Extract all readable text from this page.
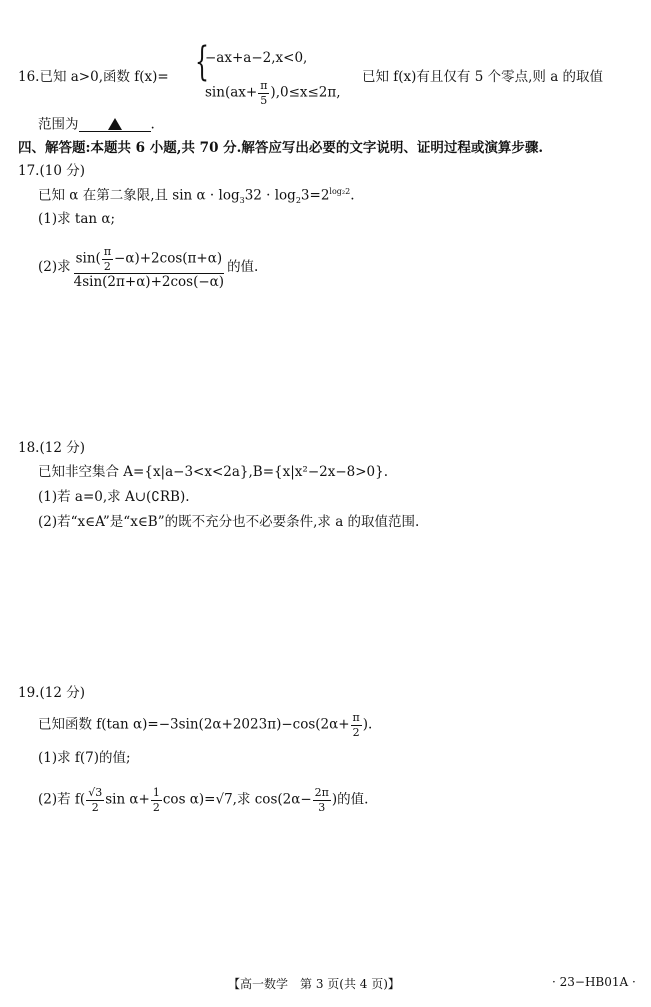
16.已知 a>0,函数 f(x)= {
−ax+a−2,x<0,
$\sin(ax+ \frac{\pi}{5} ),0\le x\le 2\pi$,
已知 f(x)有且仅有 5 个零点,则 a 的取值
范围为	.
四、解答题:本题共 6 小题,共 70 分.解答应写出必要的文字说明、证明过程或演算步骤.
17.(10 分)
已知 α 在第二象限,且 $\sin \alpha \cdot \log_332 \cdot \log_23=2^{log_22}$.
(1)求 tan α;
(2)求 $\frac{\sin( \frac{\pi}{2} -\alpha)+2\cos(\pi+\alpha)}{4\sin(2\pi+\alpha)+2\cos(-\alpha)}$ 的值.
18.(12 分)
已知非空集合 A={x|a−3<x<2a},B={x|x²−2x−8>0}.
(1)若 a=0,求 A∪(∁RB).
(2)若“x∈A”是“x∈B”的既不充分也不必要条件,求 a 的取值范围.
19.(12 分)
已知函数 f(tan $\alpha)=-3\sin(2\alpha+2023\pi)-\cos(2\alpha+ \frac{\pi}{2}$ ).
(1)求 f(7)的值;
(2)若 $f( \frac{√3}{2}$ $\sin \alpha+ \frac{1}{2}$ cos α)=√7,求 $\cos(2\alpha- \frac{2\pi}{3}$ )的值.
【高一数学　第 3 页(共 4 页)】	· 23−HB01A ·
